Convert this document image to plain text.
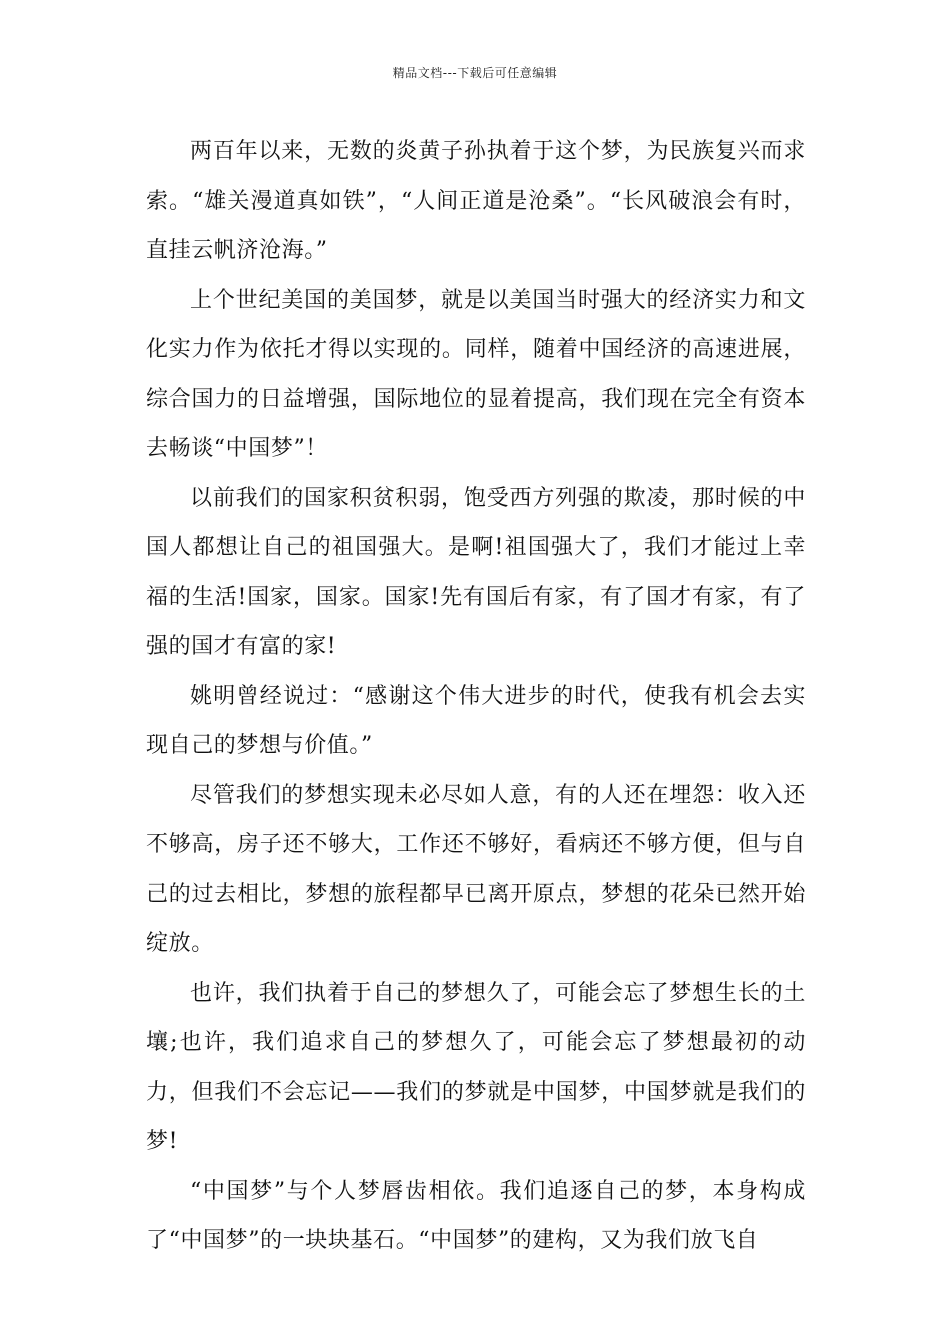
精品文档---下载后可任意编辑

两百年以来，无数的炎黄子孙执着于这个梦，为民族复兴而求索。“雄关漫道真如铁”，“人间正道是沧桑”。“长风破浪会有时，直挂云帆济沧海。”

上个世纪美国的美国梦，就是以美国当时强大的经济实力和文化实力作为依托才得以实现的。同样，随着中国经济的高速进展，综合国力的日益增强，国际地位的显着提高，我们现在完全有资本去畅谈“中国梦”！

以前我们的国家积贫积弱，饱受西方列强的欺凌，那时候的中国人都想让自己的祖国强大。是啊!祖国强大了，我们才能过上幸福的生活!国家，国家。国家!先有国后有家，有了国才有家，有了强的国才有富的家!

姚明曾经说过：“感谢这个伟大进步的时代，使我有机会去实现自己的梦想与价值。”

尽管我们的梦想实现未必尽如人意，有的人还在埋怨：收入还不够高，房子还不够大，工作还不够好，看病还不够方便，但与自己的过去相比，梦想的旅程都早已离开原点，梦想的花朵已然开始绽放。

也许，我们执着于自己的梦想久了，可能会忘了梦想生长的土壤;也许，我们追求自己的梦想久了，可能会忘了梦想最初的动力，但我们不会忘记——我们的梦就是中国梦，中国梦就是我们的梦!

“中国梦”与个人梦唇齿相依。我们追逐自己的梦，本身构成了“中国梦”的一块块基石。“中国梦”的建构，又为我们放飞自
